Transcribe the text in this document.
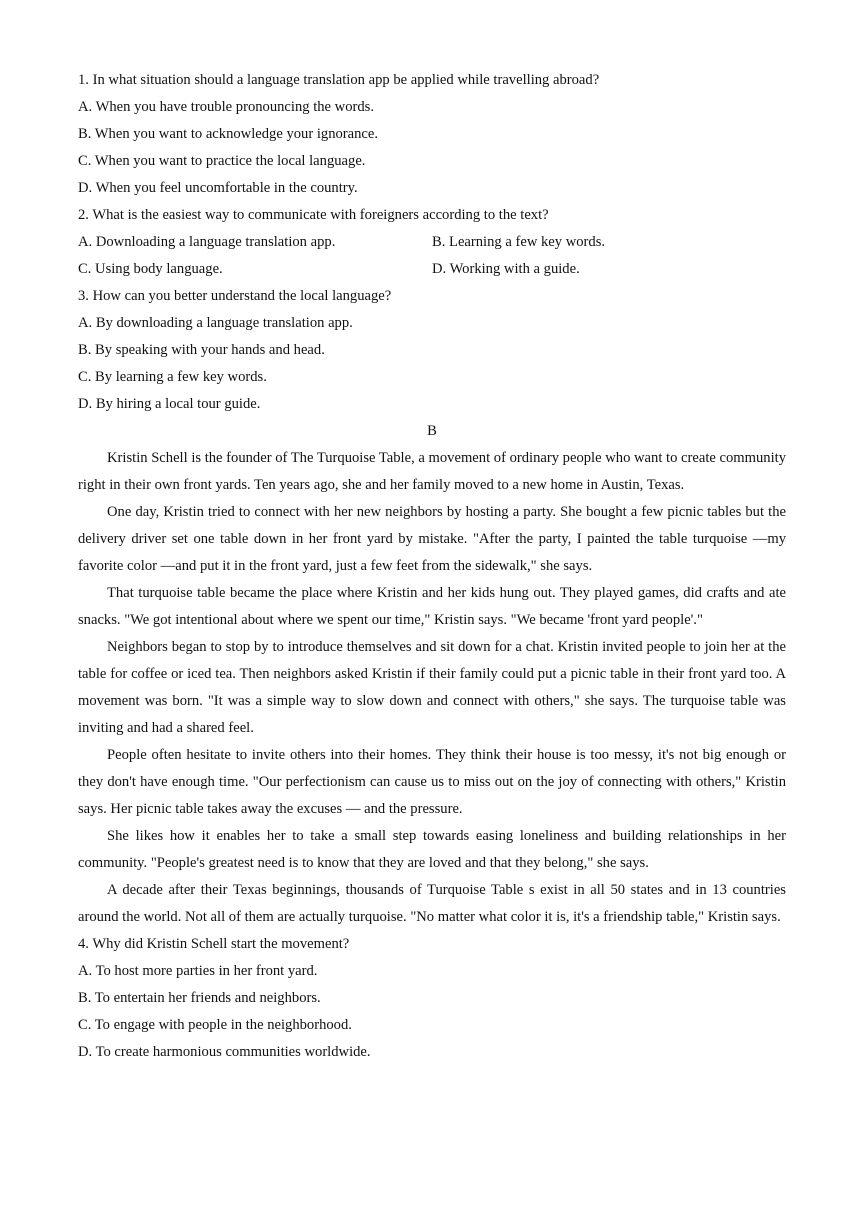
1. In what situation should a language translation app be applied while travelling abroad?
A. When you have trouble pronouncing the words.
B. When you want to acknowledge your ignorance.
C. When you want to practice the local language.
D. When you feel uncomfortable in the country.
2. What is the easiest way to communicate with foreigners according to the text?
A. Downloading a language translation app.	B. Learning a few key words.
C. Using body language.	D. Working with a guide.
3. How can you better understand the local language?
A. By downloading a language translation app.
B. By speaking with your hands and head.
C. By learning a few key words.
D. By hiring a local tour guide.
B

Kristin Schell is the founder of The Turquoise Table, a movement of ordinary people who want to create community right in their own front yards. Ten years ago, she and her family moved to a new home in Austin, Texas.

One day, Kristin tried to connect with her new neighbors by hosting a party. She bought a few picnic tables but the delivery driver set one table down in her front yard by mistake. "After the party, I painted the table turquoise —my favorite color —and put it in the front yard, just a few feet from the sidewalk," she says.

That turquoise table became the place where Kristin and her kids hung out. They played games, did crafts and ate snacks. "We got intentional about where we spent our time," Kristin says. "We became 'front yard people'."

Neighbors began to stop by to introduce themselves and sit down for a chat. Kristin invited people to join her at the table for coffee or iced tea. Then neighbors asked Kristin if their family could put a picnic table in their front yard too. A movement was born. "It was a simple way to slow down and connect with others," she says. The turquoise table was inviting and had a shared feel.

People often hesitate to invite others into their homes. They think their house is too messy, it's not big enough or they don't have enough time. "Our perfectionism can cause us to miss out on the joy of connecting with others," Kristin says. Her picnic table takes away the excuses — and the pressure.

She likes how it enables her to take a small step towards easing loneliness and building relationships in her community. "People's greatest need is to know that they are loved and that they belong," she says.

A decade after their Texas beginnings, thousands of Turquoise Table s exist in all 50 states and in 13 countries around the world. Not all of them are actually turquoise. "No matter what color it is, it's a friendship table," Kristin says.

4. Why did Kristin Schell start the movement?
A. To host more parties in her front yard.
B. To entertain her friends and neighbors.
C. To engage with people in the neighborhood.
D. To create harmonious communities worldwide.
